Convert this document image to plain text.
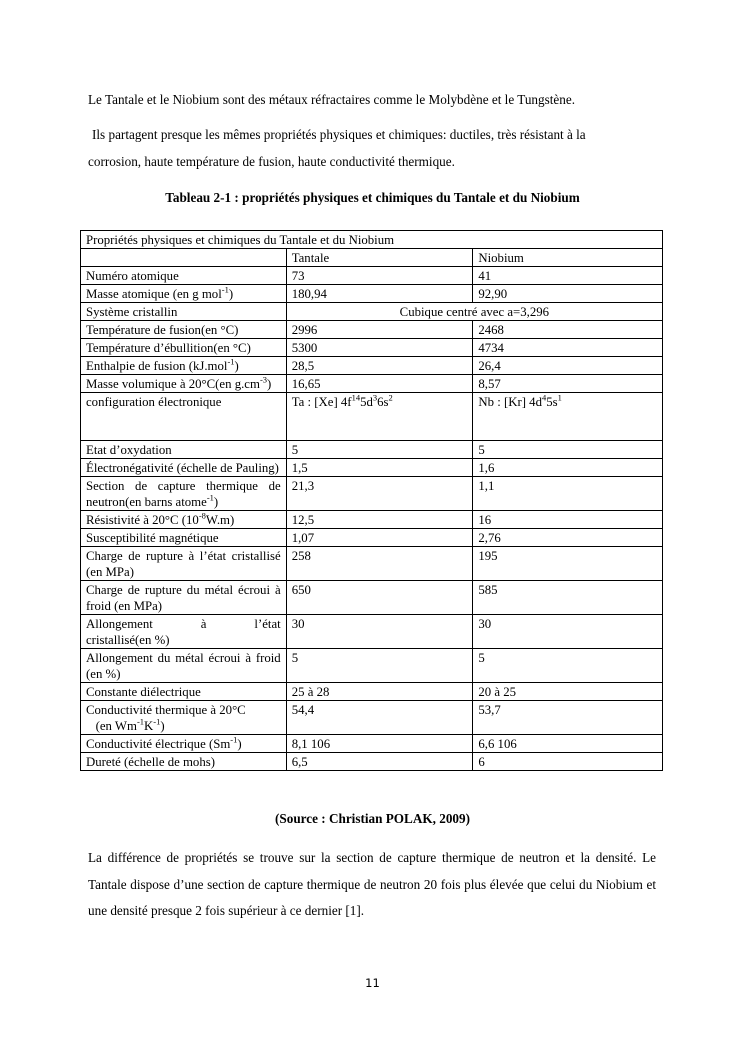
Le Tantale et le Niobium sont des métaux réfractaires comme le Molybdène et le Tungstène.

Ils partagent presque les mêmes propriétés physiques et chimiques: ductiles, très résistant à la
corrosion, haute température de fusion, haute conductivité thermique.

Tableau 2-1 : propriétés physiques et chimiques du Tantale et du Niobium
Propriétés physiques et chimiques du Tantale et du Niobium		
	Tantale	Niobium
Numéro atomique	73	41
Masse atomique (en g mol$^{-1}$)	180,94	92,90
Système cristallin	Cubique centré avec a=3,296	
Température de fusion(en °C)	2996	2468
Température d’ébullition(en °C)	5300	4734
Enthalpie de fusion (kJ.mol$^{-1}$)	28,5	26,4
Masse volumique à 20°C(en $g.cm^{-3}$)	16,65	8,57
configuration électronique	Ta : [Xe] $4f^{14}5d^36s^2$	Nb : [Kr] $4d^45s^1$
Etat d’oxydation	5	5
Électronégativité (échelle de Pauling)	1,5	1,6
Section de capture thermique de neutron(en barns atome$^{-1}$)	21,3	1,1
Résistivité à 20°C $(10^{-8}W.m)$	12,5	16
Susceptibilité magnétique	1,07	2,76
Charge de rupture à l’état cristallisé (en MPa)	258	195
Charge de rupture du métal écroui à froid (en MPa)	650	585

Allongement à l’état
cristallisé(en %)	30	30
Allongement du métal écroui à froid (en %)	5	5
Constante diélectrique	25 à 28	20 à 25

Conductivité thermique à 20°C
(en $Wm^{-1}K^{-1}$)	54,4	53,7
Conductivité électrique $(Sm^{-1})$	8,1 106	6,6 106
Dureté (échelle de mohs)	6,5	6
(Source : Christian POLAK, 2009)

La différence de propriétés se trouve sur la section de capture thermique de neutron et la densité. Le Tantale dispose d’une section de capture thermique de neutron 20 fois plus élevée que celui du Niobium et une densité presque 2 fois supérieur à ce dernier [1].

11
